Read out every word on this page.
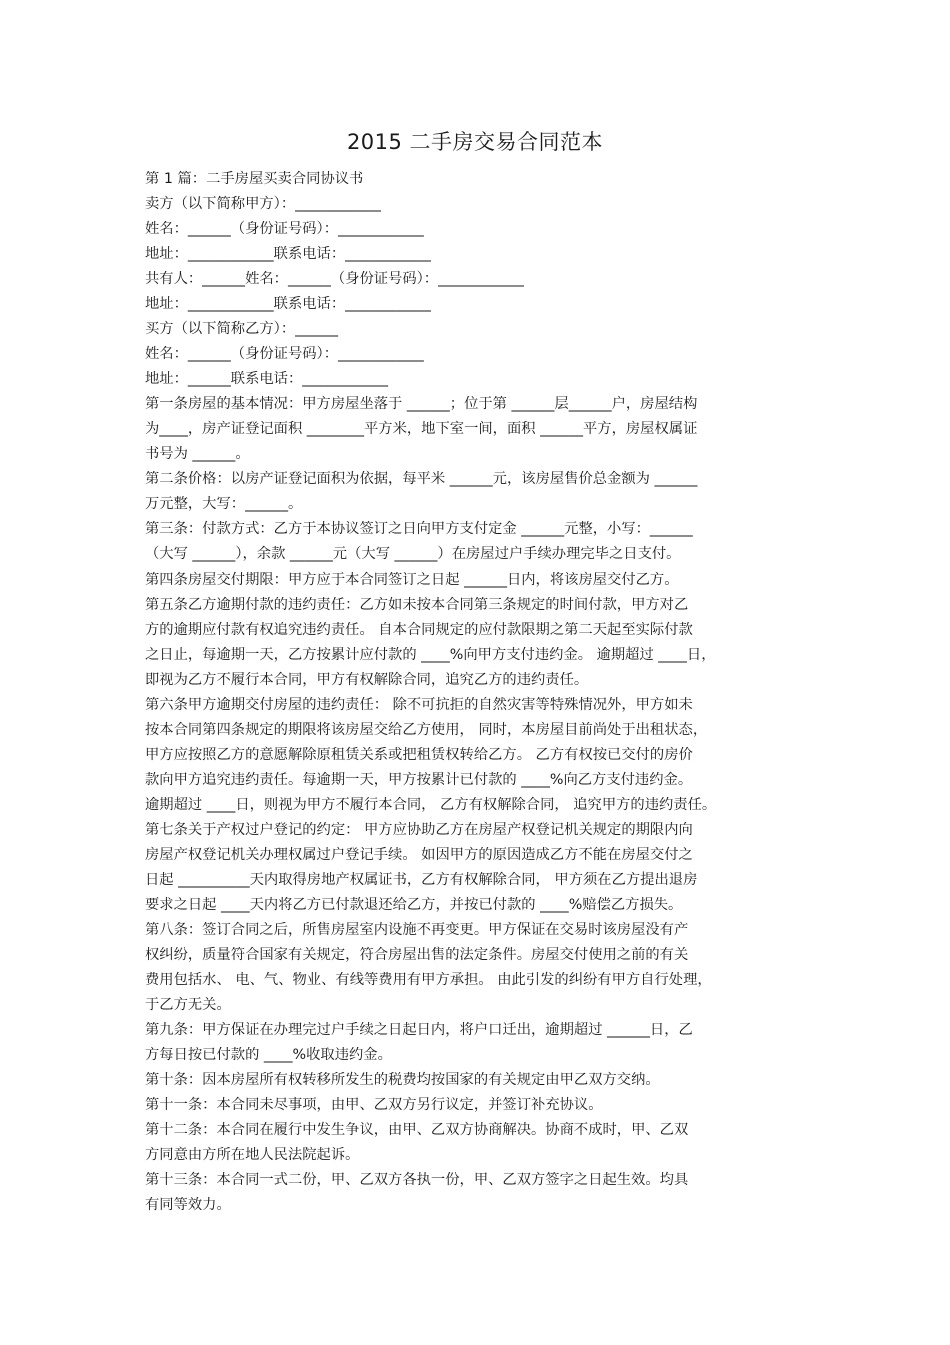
2015 二手房交易合同范本
第 1 篇：二手房屋买卖合同协议书
卖方（以下简称甲方）：____________
姓名：______（身份证号码）：____________
地址：____________联系电话：____________
共有人：______姓名：______（身份证号码）：____________
地址：____________联系电话：____________
买方（以下简称乙方）：______
姓名：______（身份证号码）：____________
地址：______联系电话：____________
第一条房屋的基本情况：甲方房屋坐落于 ______；位于第 ______层______户，房屋结构
为____，房产证登记面积 ________平方米，地下室一间，面积 ______平方，房屋权属证
书号为 ______。
第二条价格：以房产证登记面积为依据，每平米 ______元，该房屋售价总金额为 ______
万元整，大写：______。
第三条：付款方式：乙方于本协议签订之日向甲方支付定金 ______元整，小写：______
（大写 ______），余款 ______元（大写 ______）在房屋过户手续办理完毕之日支付。
第四条房屋交付期限：甲方应于本合同签订之日起 ______日内，将该房屋交付乙方。
第五条乙方逾期付款的违约责任：乙方如未按本合同第三条规定的时间付款，甲方对乙
方的逾期应付款有权追究违约责任。 自本合同规定的应付款限期之第二天起至实际付款
之日止，每逾期一天，乙方按累计应付款的 ____%向甲方支付违约金。 逾期超过 ____日，
即视为乙方不履行本合同，甲方有权解除合同，追究乙方的违约责任。
第六条甲方逾期交付房屋的违约责任： 除不可抗拒的自然灾害等特殊情况外，甲方如未
按本合同第四条规定的期限将该房屋交给乙方使用， 同时，本房屋目前尚处于出租状态，
甲方应按照乙方的意愿解除原租赁关系或把租赁权转给乙方。 乙方有权按已交付的房价
款向甲方追究违约责任。每逾期一天，甲方按累计已付款的 ____%向乙方支付违约金。
逾期超过 ____日，则视为甲方不履行本合同， 乙方有权解除合同， 追究甲方的违约责任。
第七条关于产权过户登记的约定： 甲方应协助乙方在房屋产权登记机关规定的期限内向
房屋产权登记机关办理权属过户登记手续。 如因甲方的原因造成乙方不能在房屋交付之
日起 __________天内取得房地产权属证书，乙方有权解除合同， 甲方须在乙方提出退房
要求之日起 ____天内将乙方已付款退还给乙方，并按已付款的 ____%赔偿乙方损失。
第八条：签订合同之后，所售房屋室内设施不再变更。甲方保证在交易时该房屋没有产
权纠纷，质量符合国家有关规定，符合房屋出售的法定条件。房屋交付使用之前的有关
费用包括水、 电、气、物业、有线等费用有甲方承担。 由此引发的纠纷有甲方自行处理，
于乙方无关。
第九条：甲方保证在办理完过户手续之日起日内，将户口迁出，逾期超过 ______日，乙
方每日按已付款的 ____%收取违约金。
第十条：因本房屋所有权转移所发生的税费均按国家的有关规定由甲乙双方交纳。
第十一条：本合同未尽事项，由甲、乙双方另行议定，并签订补充协议。
第十二条：本合同在履行中发生争议，由甲、乙双方协商解决。协商不成时，甲、乙双
方同意由方所在地人民法院起诉。
第十三条：本合同一式二份，甲、乙双方各执一份，甲、乙双方签字之日起生效。均具
有同等效力。
